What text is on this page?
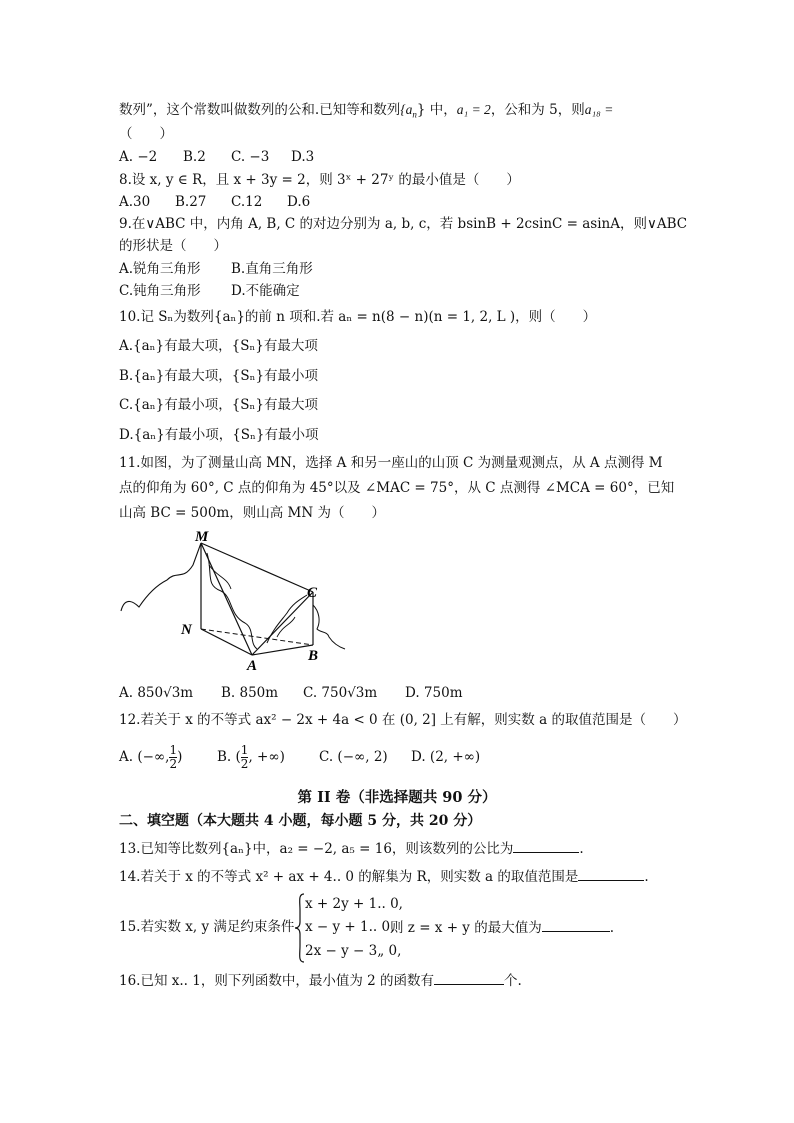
数列”，这个常数叫做数列的公和.已知等和数列$\{a_n\}$ 中，a₁ = 2，公和为 5，则a₁₈ =
（　　）
A. −2 B.2 C. −3 D.3
8.设 x, y ∈ R，且 x + 3y = 2，则 3ˣ + 27ʸ 的最小值是（　　）
A.30 B.27 C.12 D.6
9.在∨ABC 中，内角 A, B, C 的对边分别为 a, b, c，若 bsinB + 2csinC = asinA，则∨ABC
的形状是（　　）
A.锐角三角形 B.直角三角形
C.钝角三角形 D.不能确定
10.记 Sₙ为数列{aₙ}的前 n 项和.若 aₙ = n(8 − n)(n = 1, 2, L )，则（　　）
A.{aₙ}有最大项，{Sₙ}有最大项
B.{aₙ}有最大项，{Sₙ}有最小项
C.{aₙ}有最小项，{Sₙ}有最大项
D.{aₙ}有最小项，{Sₙ}有最小项
11.如图，为了测量山高 MN，选择 A 和另一座山的山顶 C 为测量观测点，从 A 点测得 M
点的仰角为 60°, C 点的仰角为 45°以及 ∠MAC = 75°，从 C 点测得 ∠MCA = 60°，已知
山高 BC = 500m，则山高 MN 为（　　）
M
N
A
B
C
A. 850√3m B. 850m C. 750√3m D. 750m
12.若关于 x 的不等式 ax² − 2x + 4a < 0 在 (0, 2] 上有解，则实数 a 的取值范围是（　　）
A. (−∞, $\frac{1}{2}$ )	B. ( $\frac{1}{2}$ , +∞)	C. (−∞, 2) D. (2, +∞)
第 II 卷（非选择题共 90 分）
二、填空题（本大题共 4 小题，每小题 5 分，共 20 分）
13.已知等比数列{aₙ}中，a₂ = −2, a₅ = 16，则该数列的公比为	.
14.若关于 x 的不等式 x² + ax + 4.. 0 的解集为 R，则实数 a 的取值范围是	.
15.若实数 x, y 满足约束条件
x + 2y + 1.. 0,
x − y + 1.. 0,
2x − y − 3„ 0,
则 z = x + y 的最大值为	.
16.已知 x.. 1，则下列函数中，最小值为 2 的函数有	个.
